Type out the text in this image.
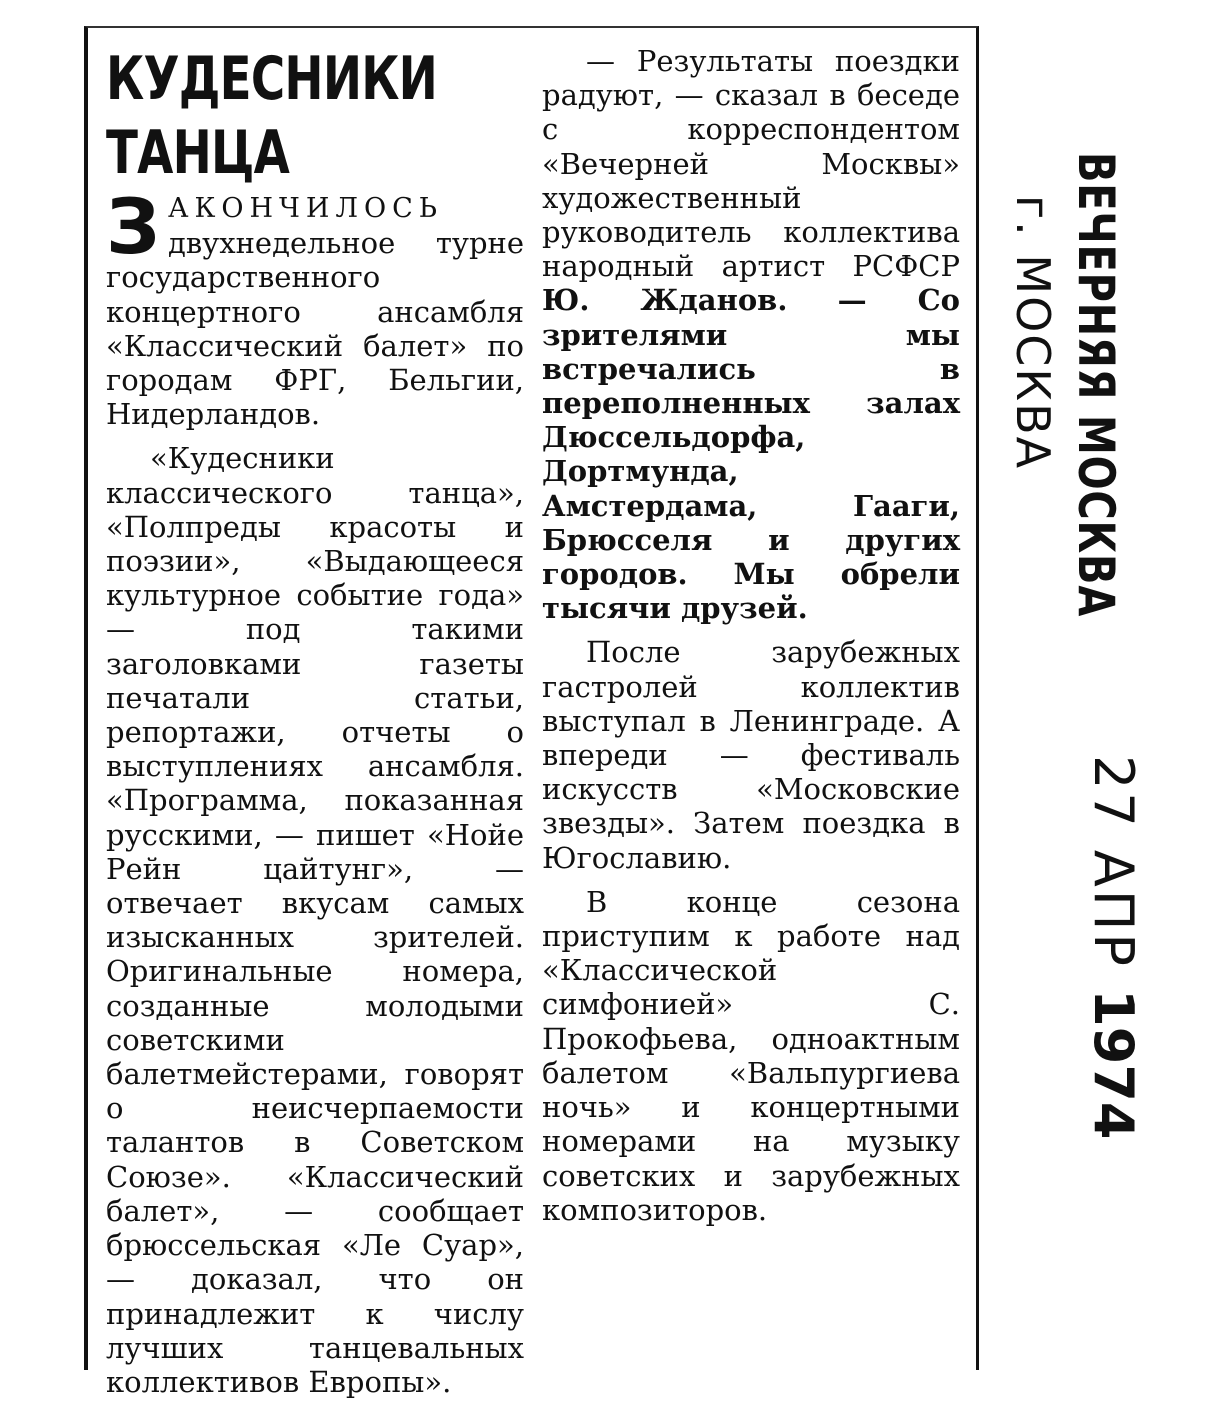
КУДЕСНИКИ
ТАНЦА

ЗАКОНЧИЛОСЬ двухнедельное турне государственного концертного ансамбля «Классический балет» по городам ФРГ, Бельгии, Нидерландов.

«Кудесники классического танца», «Полпреды красоты и поэзии», «Выдающееся культурное событие года» — под такими заголовками газеты печатали статьи, репортажи, отчеты о выступлениях ансамбля. «Программа, показанная русскими, — пишет «Нойе Рейн цайтунг», — отвечает вкусам самых изысканных зрителей. Оригинальные номера, созданные молодыми советскими балетмейстерами, говорят о неисчерпаемости талантов в Советском Союзе». «Классический балет», — сообщает брюссельская «Ле Суар», — доказал, что он принадлежит к числу лучших танцевальных коллективов Европы».

— Результаты поездки радуют, — сказал в беседе с корреспондентом «Вечерней Москвы» художественный руководитель коллектива народный артист РСФСР Ю. Жданов. — Со зрителями мы встречались в переполненных залах Дюссельдорфа, Дортмунда, Амстердама, Гааги, Брюсселя и других городов. Мы обрели тысячи друзей.

После зарубежных гастролей коллектив выступал в Ленинграде. А впереди — фестиваль искусств «Московские звезды». Затем поездка в Югославию.

В конце сезона приступим к работе над «Классической симфонией» С. Прокофьева, одноактным балетом «Вальпургиева ночь» и концертными номерами на музыку советских и зарубежных композиторов.

ВЕЧЕРНЯЯ МОСКВА
г. МОСКВА
27 АПР 1974
